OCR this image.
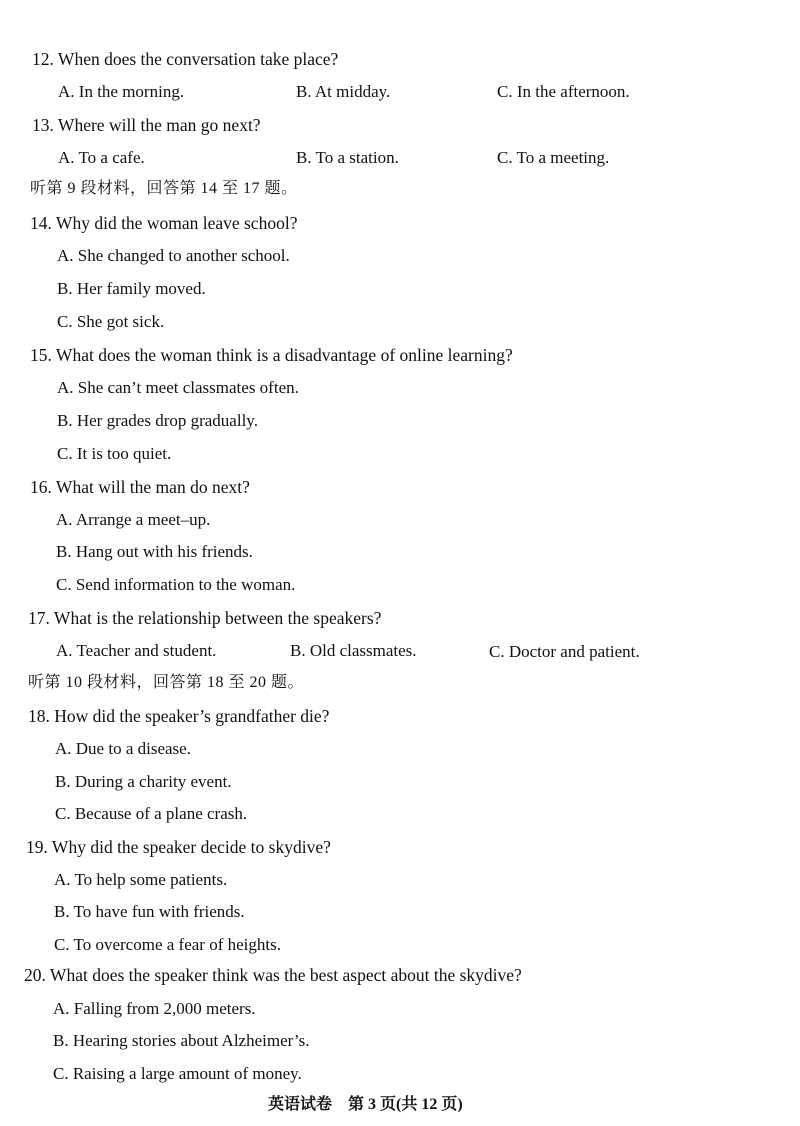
12. When does the conversation take place?
A. In the morning.	B. At midday.	C. In the afternoon.
13. Where will the man go next?
A. To a cafe.	B. To a station.	C. To a meeting.
听第 9 段材料，回答第 14 至 17 题。
14. Why did the woman leave school?
A. She changed to another school.
B. Her family moved.
C. She got sick.
15. What does the woman think is a disadvantage of online learning?
A. She can’t meet classmates often.
B. Her grades drop gradually.
C. It is too quiet.
16. What will the man do next?
A. Arrange a meet–up.
B. Hang out with his friends.
C. Send information to the woman.
17. What is the relationship between the speakers?
A. Teacher and student.	B. Old classmates.	C. Doctor and patient.
听第 10 段材料，回答第 18 至 20 题。
18. How did the speaker’s grandfather die?
A. Due to a disease.
B. During a charity event.
C. Because of a plane crash.
19. Why did the speaker decide to skydive?
A. To help some patients.
B. To have fun with friends.
C. To overcome a fear of heights.
20. What does the speaker think was the best aspect about the skydive?
A. Falling from 2,000 meters.
B. Hearing stories about Alzheimer’s.
C. Raising a large amount of money.
英语试卷　第 3 页(共 12 页)
